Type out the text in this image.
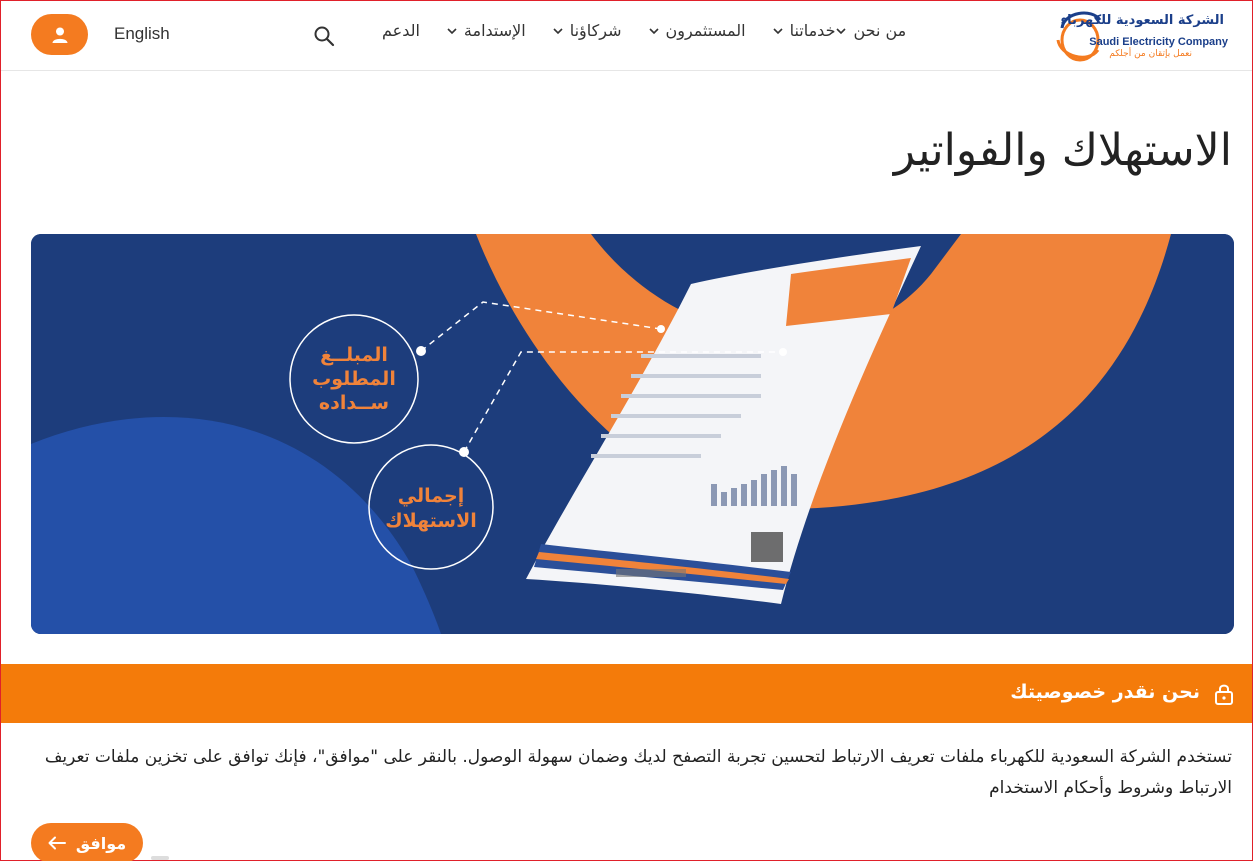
English	من نحن
خدماتنا
المستثمرون
شركاؤنا
الإستدامة
الدعم
الشركة السعودية للكهرباء
Saudi Electricity Company
نعمل بإتقان من أجلكم
الاستهلاك والفواتير
المبلــغ
المطلوب
ســداده
إجمالي
الاستهلاك
نحن نقدر خصوصيتك

تستخدم الشركة السعودية للكهرباء ملفات تعريف الارتباط لتحسين تجربة التصفح لديك وضمان سهولة الوصول. بالنقر على "موافق"، فإنك توافق على تخزين ملفات تعريف الارتباط وشروط وأحكام الاستخدام

موافق
